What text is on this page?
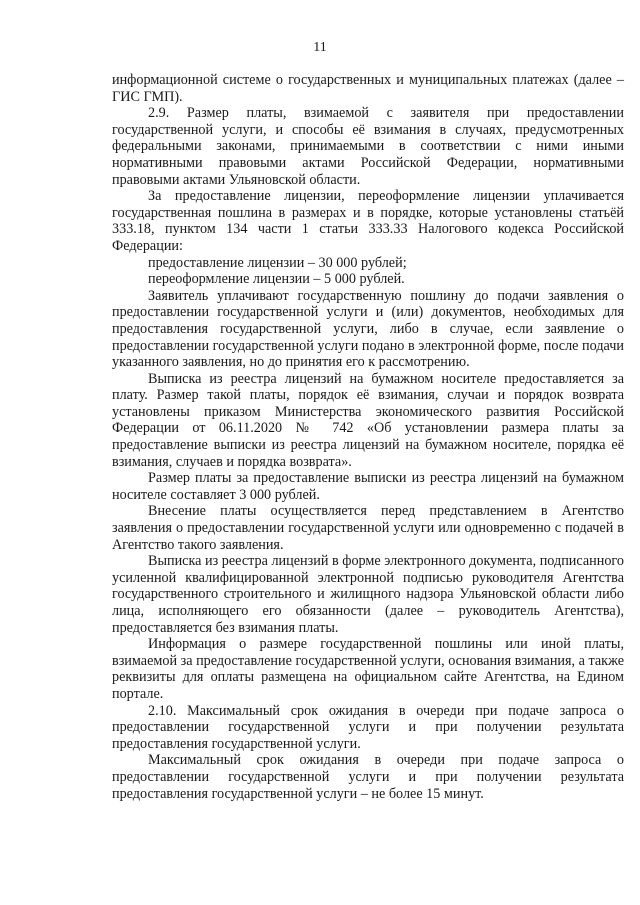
11

информационной системе о государственных и муниципальных платежах (далее – ГИС ГМП).

2.9. Размер платы, взимаемой с заявителя при предоставлении государственной услуги, и способы её взимания в случаях, предусмотренных федеральными законами, принимаемыми в соответствии с ними иными нормативными правовыми актами Российской Федерации, нормативными правовыми актами Ульяновской области.

За предоставление лицензии, переоформление лицензии уплачивается государственная пошлина в размерах и в порядке, которые установлены статьёй 333.18, пунктом 134 части 1 статьи 333.33 Налогового кодекса Российской Федерации:

предоставление лицензии – 30 000 рублей;

переоформление лицензии – 5 000 рублей.

Заявитель уплачивают государственную пошлину до подачи заявления о предоставлении государственной услуги и (или) документов, необходимых для предоставления государственной услуги, либо в случае, если заявление о предоставлении государственной услуги подано в электронной форме, после подачи указанного заявления, но до принятия его к рассмотрению.

Выписка из реестра лицензий на бумажном носителе предоставляется за плату. Размер такой платы, порядок её взимания, случаи и порядок возврата установлены приказом Министерства экономического развития Российской Федерации от 06.11.2020 № 742 «Об установлении размера платы за предоставление выписки из реестра лицензий на бумажном носителе, порядка её взимания, случаев и порядка возврата».

Размер платы за предоставление выписки из реестра лицензий на бумажном носителе составляет 3 000 рублей.

Внесение платы осуществляется перед представлением в Агентство заявления о предоставлении государственной услуги или одновременно с подачей в Агентство такого заявления.

Выписка из реестра лицензий в форме электронного документа, подписанного усиленной квалифицированной электронной подписью руководителя Агентства государственного строительного и жилищного надзора Ульяновской области либо лица, исполняющего его обязанности (далее – руководитель Агентства), предоставляется без взимания платы.

Информация о размере государственной пошлины или иной платы, взимаемой за предоставление государственной услуги, основания взимания, а также реквизиты для оплаты размещена на официальном сайте Агентства, на Едином портале.

2.10. Максимальный срок ожидания в очереди при подаче запроса о предоставлении государственной услуги и при получении результата предоставления государственной услуги.

Максимальный срок ожидания в очереди при подаче запроса о предоставлении государственной услуги и при получении результата предоставления государственной услуги – не более 15 минут.
